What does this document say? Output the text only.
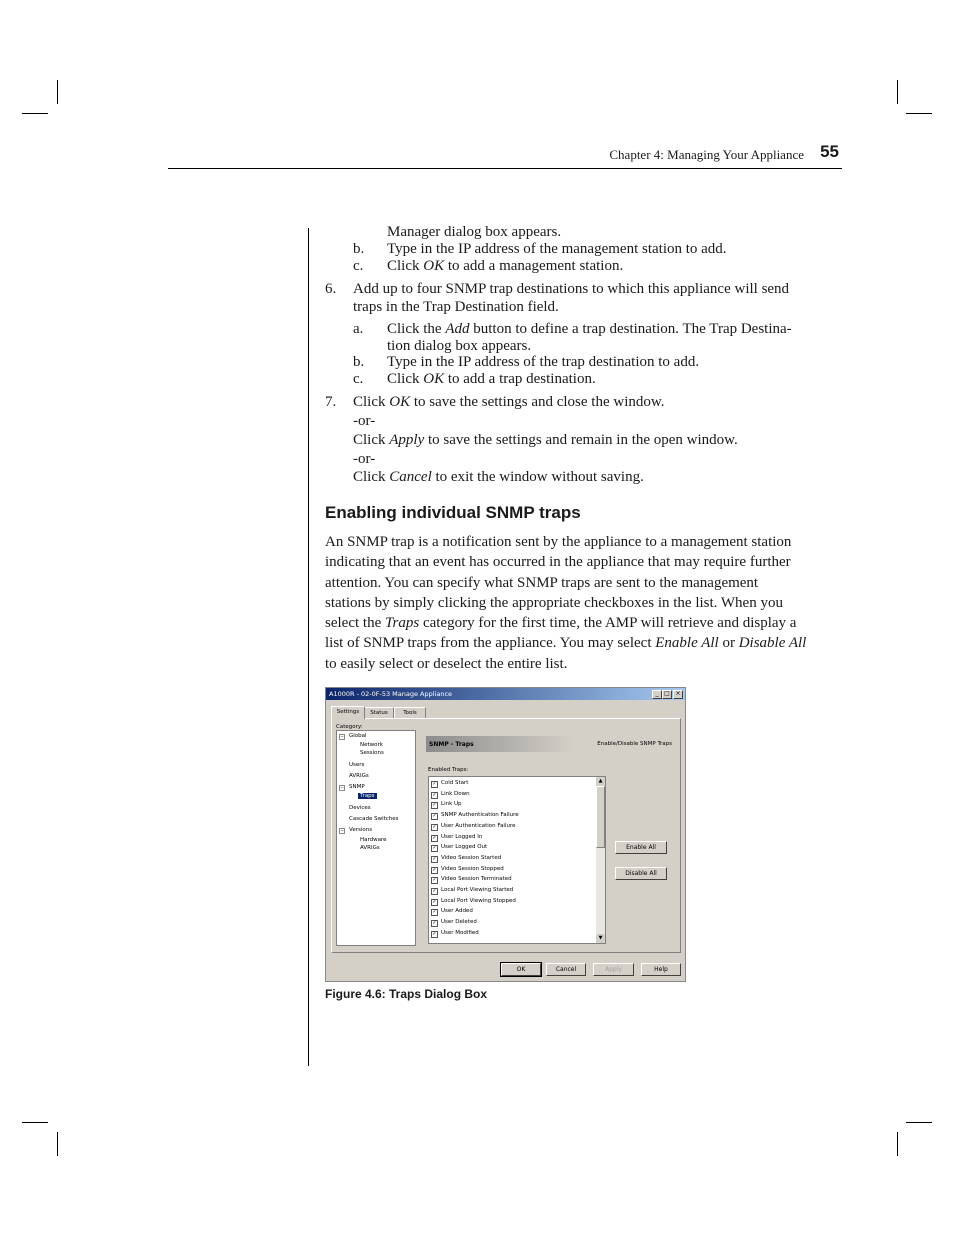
Chapter 4: Managing Your Appliance 55
Manager dialog box appears.
b. Type in the IP address of the management station to add.
c. Click OK to add a management station.
6. Add up to four SNMP trap destinations to which this appliance will send
traps in the Trap Destination field.
a. Click the Add button to define a trap destination. The Trap Destina-
tion dialog box appears.
b. Type in the IP address of the trap destination to add.
c. Click OK to add a trap destination.
7. Click OK to save the settings and close the window.
-or-
Click Apply to save the settings and remain in the open window.
-or-
Click Cancel to exit the window without saving.
Enabling individual SNMP traps
An SNMP trap is a notification sent by the appliance to a management station
indicating that an event has occurred in the appliance that may require further
attention. You can specify what SNMP traps are sent to the management
stations by simply clicking the appropriate checkboxes in the list. When you
select the Traps category for the first time, the AMP will retrieve and display a
list of SNMP traps from the appliance. You may select Enable All or Disable All
to easily select or deselect the entire list.
A1000R - 02-0F-53 Manage Appliance	_ □ ×
Settings	Status	Tools
Category:
− Global
Network
Sessions
Users
AVRIGs
− SNMP
Traps
Devices
Cascade Switches
− Versions
Hardware
AVRIGs
SNMP - Traps	Enable/Disable SNMP Traps
Enabled Traps:
✓ Cold Start
✓ Link Down
✓ Link Up
✓ SNMP Authentication Failure
✓ User Authentication Failure
✓ User Logged In
✓ User Logged Out
✓ Video Session Started
✓ Video Session Stopped
✓ Video Session Terminated
✓ Local Port Viewing Started
✓ Local Port Viewing Stopped
✓ User Added
✓ User Deleted
✓ User Modified
▲
▼
Enable All
Disable All
OK	Cancel	Apply	Help
Figure 4.6: Traps Dialog Box
